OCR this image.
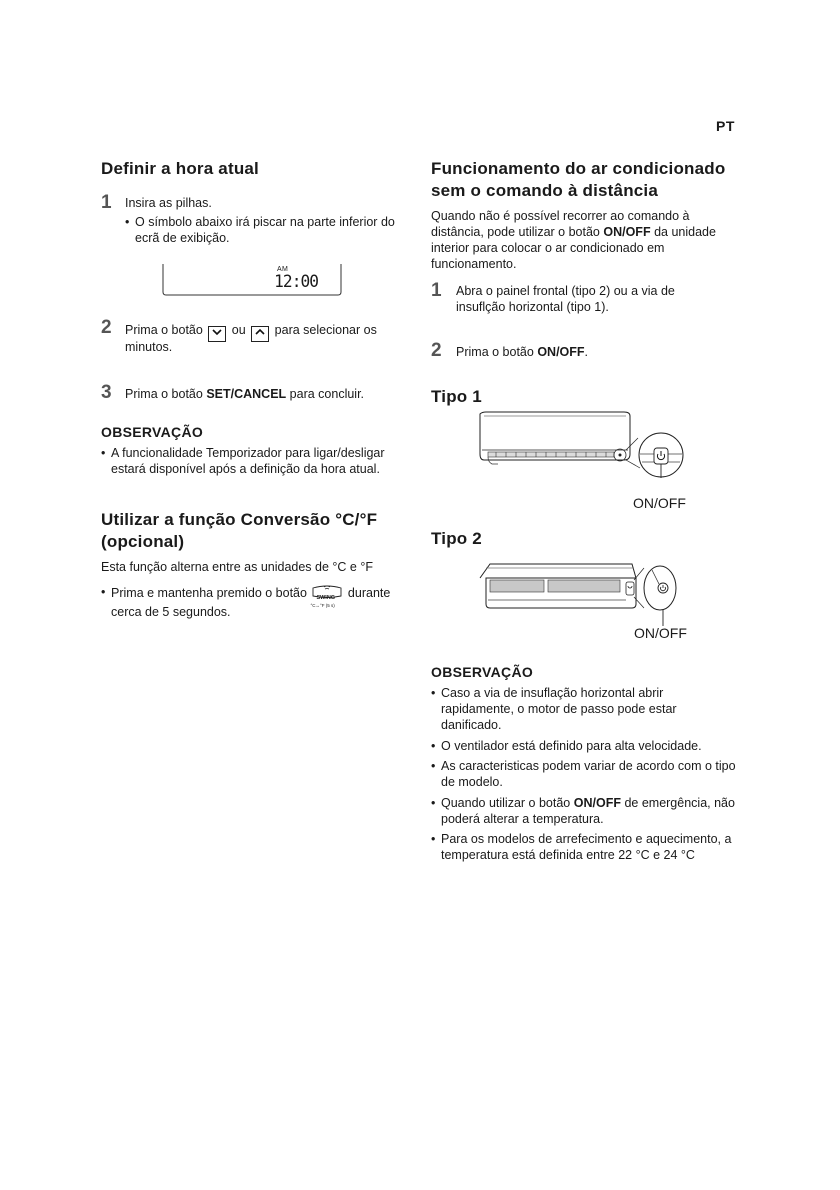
PT
Definir a hora atual
1 Insira as pilhas.
• O símbolo abaixo irá piscar na parte inferior do ecrã de exibição.
AM
12:00
2 Prima o botão ou para selecionar os
minutos.
3 Prima o botão SET/CANCEL para concluir.
OBSERVAÇÃO
• A funcionalidade Temporizador para ligar/desligar estará disponível após a definição da hora atual.
Utilizar a função Conversão °C/°F (opcional)

Esta função alterna entre as unidades de °C e °F

• Prima e mantenha premido o botão SWING
°C↔°F (5 s)
durante
cerca de 5 segundos.
Funcionamento do ar condicionado sem o comando à distância

Quando não é possível recorrer ao comando à distância, pode utilizar o botão ON/OFF da unidade interior para colocar o ar condicionado em funcionamento.

1 Abra o painel frontal (tipo 2) ou a via de insuflção horizontal (tipo 1).
2 Prima o botão ON/OFF.
Tipo 1
ON/OFF
Tipo 2
ON/OFF
OBSERVAÇÃO
• Caso a via de insuflação horizontal abrir rapidamente, o motor de passo pode estar danificado.
• O ventilador está definido para alta velocidade.
• As caracteristicas podem variar de acordo com o tipo de modelo.
• Quando utilizar o botão ON/OFF de emergência, não poderá alterar a temperatura.
• Para os modelos de arrefecimento e aquecimento, a temperatura está definida entre 22 °C e 24 °C
